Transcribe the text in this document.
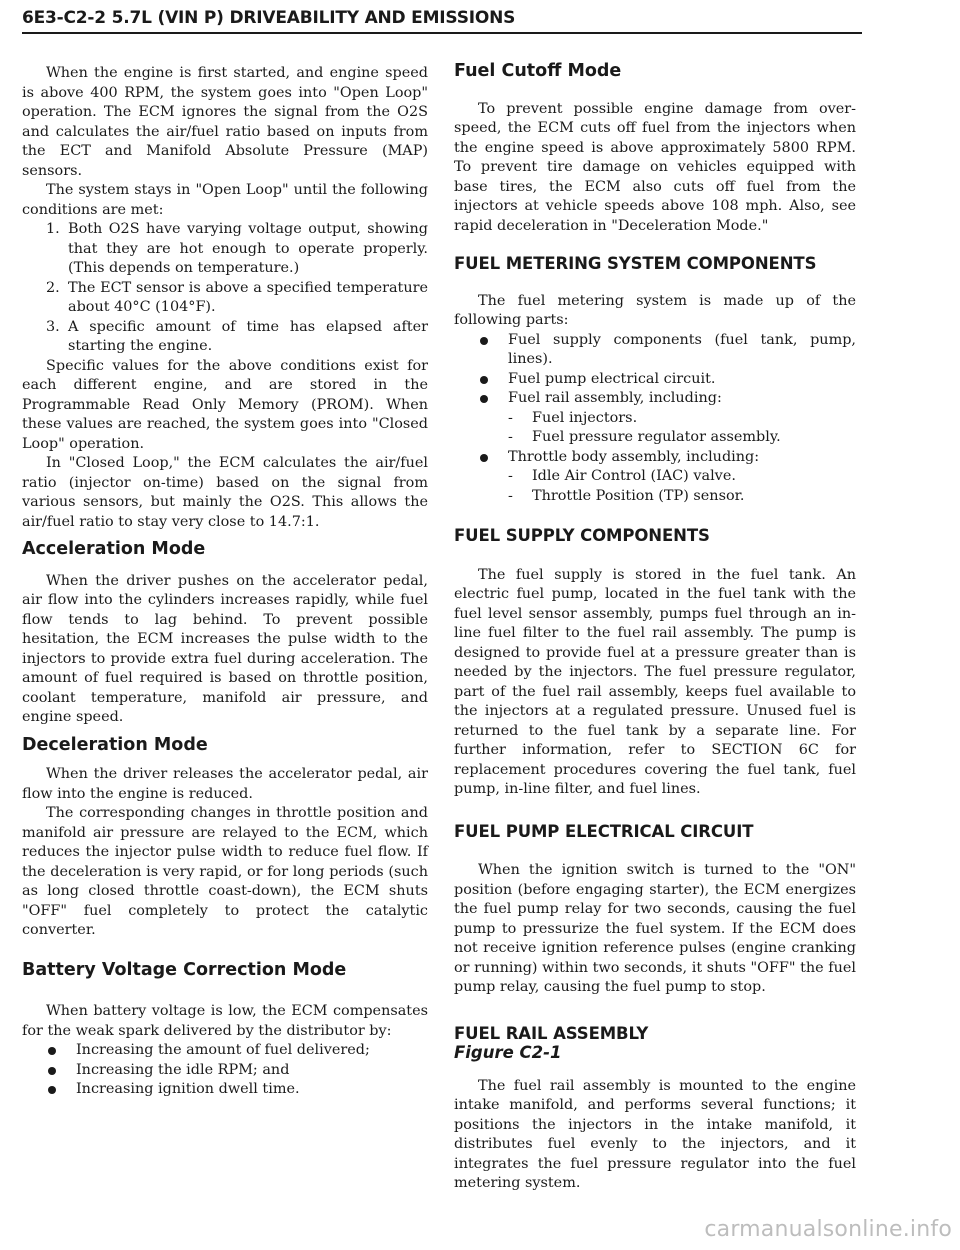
6E3-C2-2 5.7L (VIN P) DRIVEABILITY AND EMISSIONS

When the engine is first started, and engine speed is above 400 RPM, the system goes into "Open Loop" operation. The ECM ignores the signal from the O2S and calculates the air/fuel ratio based on inputs from the ECT and Manifold Absolute Pressure (MAP) sensors.

The system stays in "Open Loop" until the following conditions are met:

1. Both O2S have varying voltage output, showing that they are hot enough to operate properly. (This depends on temperature.)
2. The ECT sensor is above a specified temperature about 40°C (104°F).
3. A specific amount of time has elapsed after starting the engine.

Specific values for the above conditions exist for each different engine, and are stored in the Programmable Read Only Memory (PROM). When these values are reached, the system goes into "Closed Loop" operation.

In "Closed Loop," the ECM calculates the air/fuel ratio (injector on-time) based on the signal from various sensors, but mainly the O2S. This allows the air/fuel ratio to stay very close to 14.7:1.

Acceleration Mode

When the driver pushes on the accelerator pedal, air flow into the cylinders increases rapidly, while fuel flow tends to lag behind. To prevent possible hesitation, the ECM increases the pulse width to the injectors to provide extra fuel during acceleration. The amount of fuel required is based on throttle position, coolant temperature, manifold air pressure, and engine speed.

Deceleration Mode

When the driver releases the accelerator pedal, air flow into the engine is reduced.

The corresponding changes in throttle position and manifold air pressure are relayed to the ECM, which reduces the injector pulse width to reduce fuel flow. If the deceleration is very rapid, or for long periods (such as long closed throttle coast-down), the ECM shuts "OFF" fuel completely to protect the catalytic converter.

Battery Voltage Correction Mode

When battery voltage is low, the ECM compensates for the weak spark delivered by the distributor by:

Increasing the amount of fuel delivered;
Increasing the idle RPM; and
Increasing ignition dwell time.
Fuel Cutoff Mode

To prevent possible engine damage from over-speed, the ECM cuts off fuel from the injectors when the engine speed is above approximately 5800 RPM. To prevent tire damage on vehicles equipped with base tires, the ECM also cuts off fuel from the injectors at vehicle speeds above 108 mph. Also, see rapid deceleration in "Deceleration Mode."

FUEL METERING SYSTEM COMPONENTS

The fuel metering system is made up of the following parts:

Fuel supply components (fuel tank, pump, lines).
Fuel pump electrical circuit.
Fuel rail assembly, including:
-	Fuel injectors.
-	Fuel pressure regulator assembly.
Throttle body assembly, including:
-	Idle Air Control (IAC) valve.
-	Throttle Position (TP) sensor.
FUEL SUPPLY COMPONENTS

The fuel supply is stored in the fuel tank. An electric fuel pump, located in the fuel tank with the fuel level sensor assembly, pumps fuel through an in-line fuel filter to the fuel rail assembly. The pump is designed to provide fuel at a pressure greater than is needed by the injectors. The fuel pressure regulator, part of the fuel rail assembly, keeps fuel available to the injectors at a regulated pressure. Unused fuel is returned to the fuel tank by a separate line. For further information, refer to SECTION 6C for replacement procedures covering the fuel tank, fuel pump, in-line filter, and fuel lines.

FUEL PUMP ELECTRICAL CIRCUIT

When the ignition switch is turned to the "ON" position (before engaging starter), the ECM energizes the fuel pump relay for two seconds, causing the fuel pump to pressurize the fuel system. If the ECM does not receive ignition reference pulses (engine cranking or running) within two seconds, it shuts "OFF" the fuel pump relay, causing the fuel pump to stop.

FUEL RAIL ASSEMBLY
Figure C2-1

The fuel rail assembly is mounted to the engine intake manifold, and performs several functions; it positions the injectors in the intake manifold, it distributes fuel evenly to the injectors, and it integrates the fuel pressure regulator into the fuel metering system.

carmanualsonline.info
